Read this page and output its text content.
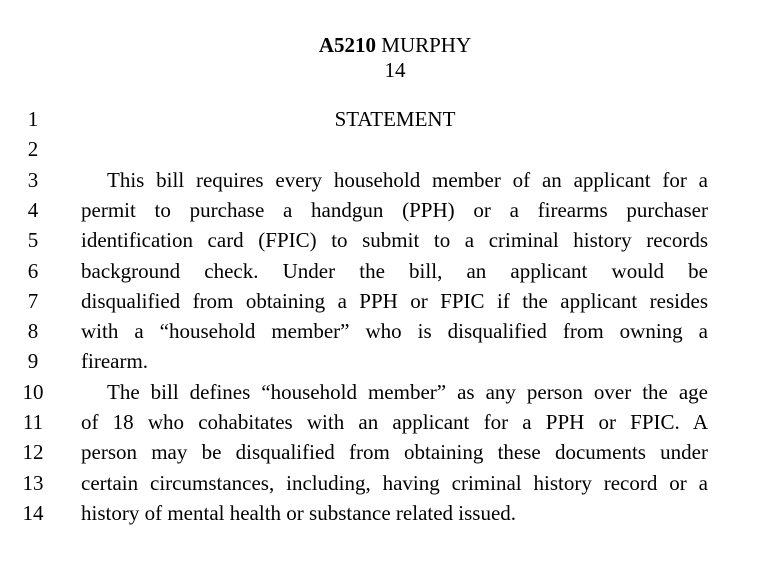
A5210 MURPHY
14
1	STATEMENT
2
3	This bill requires every household member of an applicant for a
4	permit to purchase a handgun (PPH) or a firearms purchaser
5	identification card (FPIC) to submit to a criminal history records
6	background check. Under the bill, an applicant would be
7	disqualified from obtaining a PPH or FPIC if the applicant resides
8	with a “household member” who is disqualified from owning a
9	firearm.
10	The bill defines “household member” as any person over the age
11 of 18 who cohabitates with an applicant for a PPH or FPIC. A
12 person may be disqualified from obtaining these documents under
13 certain circumstances, including, having criminal history record or a
14 history of mental health or substance related issued.
